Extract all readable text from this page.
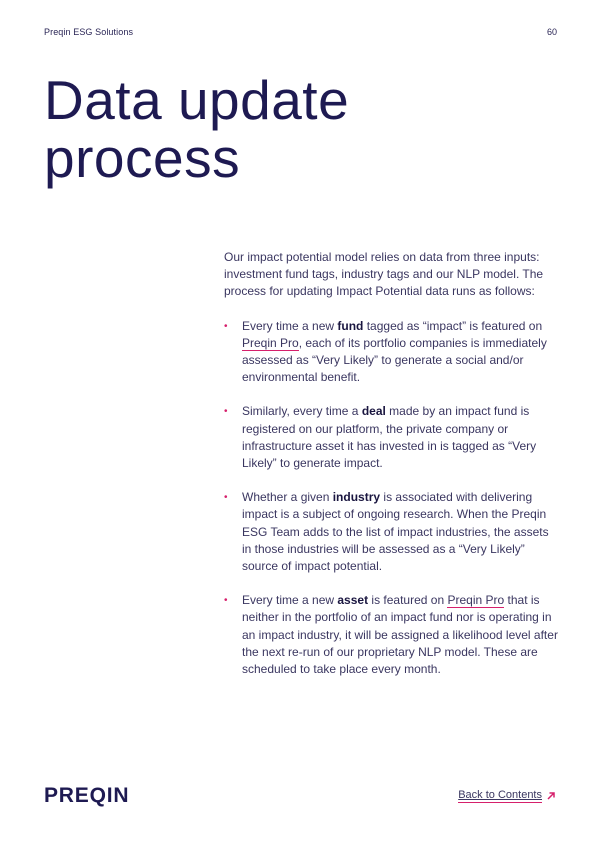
Preqin ESG Solutions	60
Data update
process

Our impact potential model relies on data from three inputs: investment fund tags, industry tags and our NLP model. The process for updating Impact Potential data runs as follows:

• Every time a new fund tagged as “impact” is featured on Preqin Pro, each of its portfolio companies is immediately assessed as “Very Likely” to generate a social and/or environmental benefit.
• Similarly, every time a deal made by an impact fund is registered on our platform, the private company or infrastructure asset it has invested in is tagged as “Very Likely” to generate impact.
• Whether a given industry is associated with delivering impact is a subject of ongoing research. When the Preqin ESG Team adds to the list of impact industries, the assets in those industries will be assessed as a “Very Likely” source of impact potential.
• Every time a new asset is featured on Preqin Pro that is neither in the portfolio of an impact fund nor is operating in an impact industry, it will be assigned a likelihood level after the next re-run of our proprietary NLP model. These are scheduled to take place every month.
PREQIN	Back to Contents
